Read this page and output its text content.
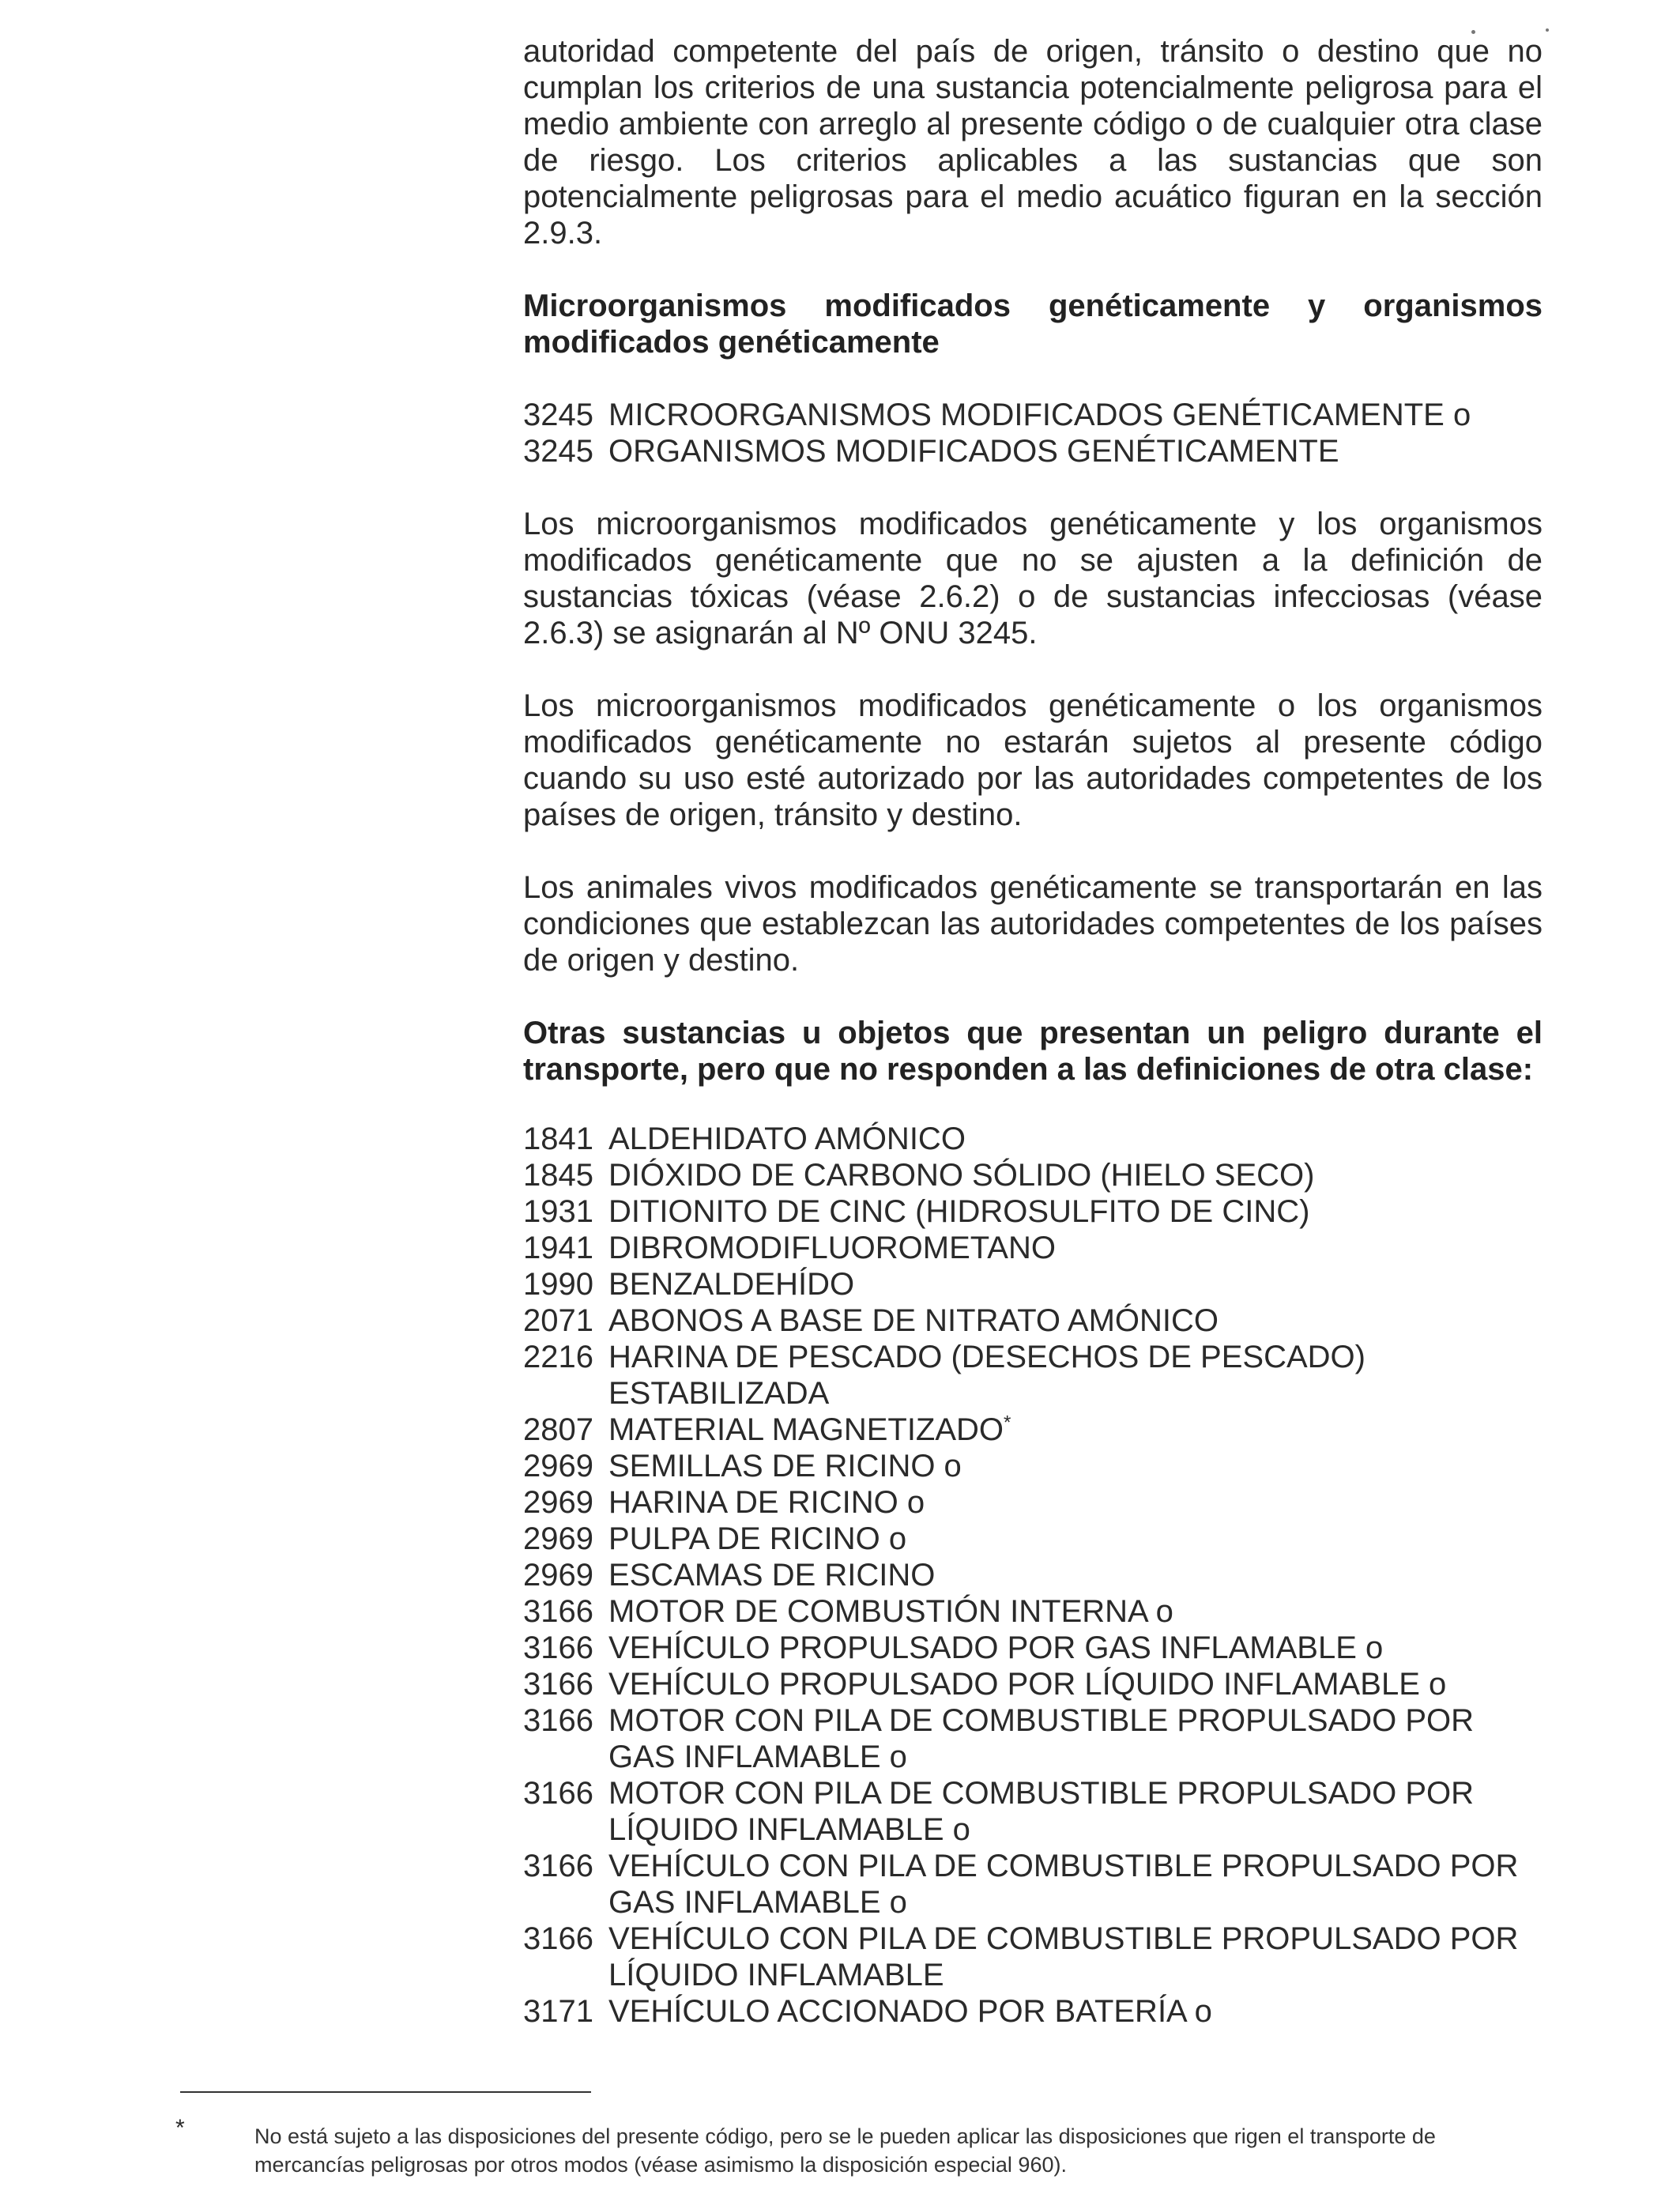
autoridad competente del país de origen, tránsito o destino que no cumplan los criterios de una sustancia potencialmente peligrosa para el medio ambiente con arreglo al presente código o de cualquier otra clase de riesgo. Los criterios aplicables a las sustancias que son potencialmente peligrosas para el medio acuático figuran en la sección 2.9.3.

Microorganismos modificados genéticamente y organismos modificados genéticamente

3245 MICROORGANISMOS MODIFICADOS GENÉTICAMENTE o
3245 ORGANISMOS MODIFICADOS GENÉTICAMENTE

Los microorganismos modificados genéticamente y los organismos modificados genéticamente que no se ajusten a la definición de sustancias tóxicas (véase 2.6.2) o de sustancias infecciosas (véase 2.6.3) se asignarán al Nº ONU 3245.

Los microorganismos modificados genéticamente o los organismos modificados genéticamente no estarán sujetos al presente código cuando su uso esté autorizado por las autoridades competentes de los países de origen, tránsito y destino.

Los animales vivos modificados genéticamente se transportarán en las condiciones que establezcan las autoridades competentes de los países de origen y destino.

Otras sustancias u objetos que presentan un peligro durante el transporte, pero que no responden a las definiciones de otra clase:

1841 ALDEHIDATO AMÓNICO
1845 DIÓXIDO DE CARBONO SÓLIDO (HIELO SECO)
1931 DITIONITO DE CINC (HIDROSULFITO DE CINC)
1941 DIBROMODIFLUOROMETANO
1990 BENZALDEHÍDO
2071 ABONOS A BASE DE NITRATO AMÓNICO
2216 HARINA DE PESCADO (DESECHOS DE PESCADO) ESTABILIZADA
2807 MATERIAL MAGNETIZADO*
2969 SEMILLAS DE RICINO o
2969 HARINA DE RICINO o
2969 PULPA DE RICINO o
2969 ESCAMAS DE RICINO
3166 MOTOR DE COMBUSTIÓN INTERNA o
3166 VEHÍCULO PROPULSADO POR GAS INFLAMABLE o
3166 VEHÍCULO PROPULSADO POR LÍQUIDO INFLAMABLE o
3166 MOTOR CON PILA DE COMBUSTIBLE PROPULSADO POR GAS INFLAMABLE o
3166 MOTOR CON PILA DE COMBUSTIBLE PROPULSADO POR LÍQUIDO INFLAMABLE o
3166 VEHÍCULO CON PILA DE COMBUSTIBLE PROPULSADO POR GAS INFLAMABLE o
3166 VEHÍCULO CON PILA DE COMBUSTIBLE PROPULSADO POR LÍQUIDO INFLAMABLE
3171 VEHÍCULO ACCIONADO POR BATERÍA o
*	No está sujeto a las disposiciones del presente código, pero se le pueden aplicar las disposiciones que rigen el transporte de mercancías peligrosas por otros modos (véase asimismo la disposición especial 960).
